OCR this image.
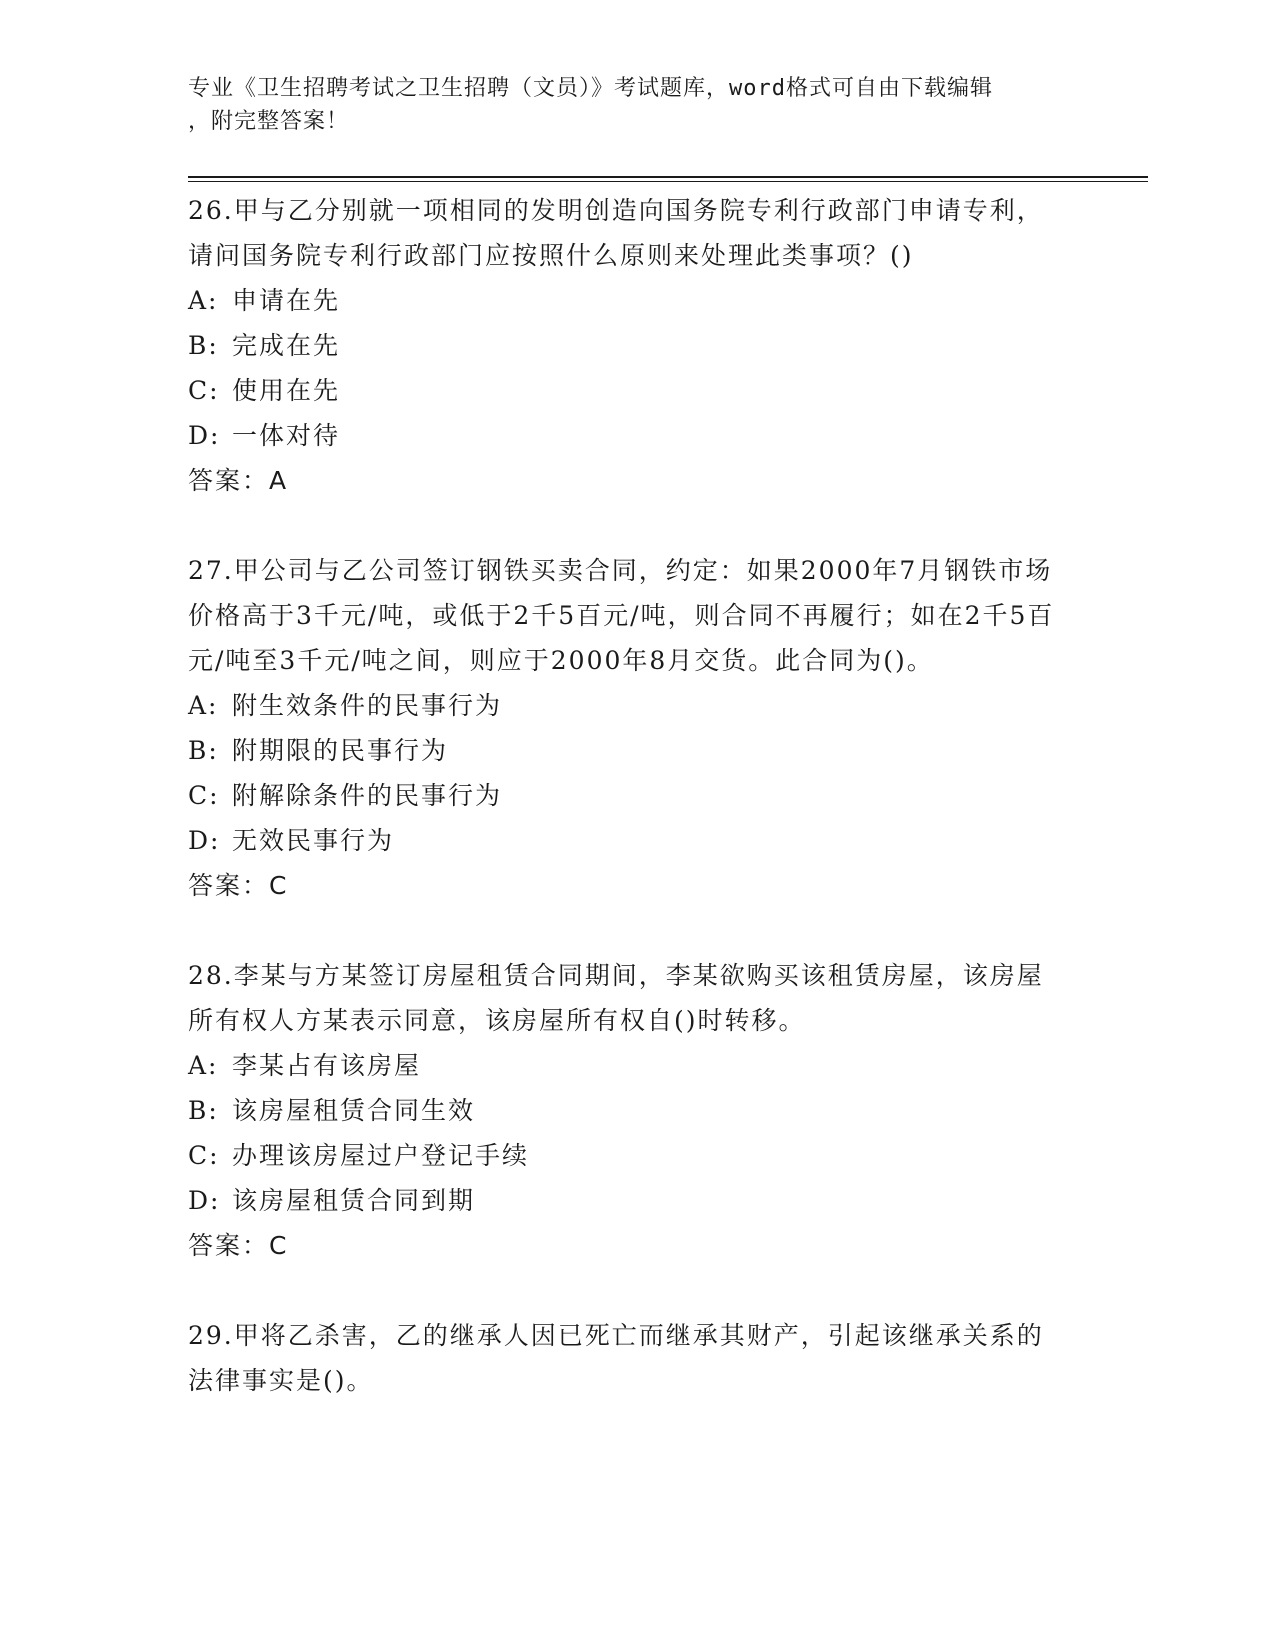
专业《卫生招聘考试之卫生招聘（文员）》考试题库，word格式可自由下载编辑
，附完整答案！

26.甲与乙分别就一项相同的发明创造向国务院专利行政部门申请专利，请问国务院专利行政部门应按照什么原则来处理此类事项？()

A: 申请在先

B: 完成在先

C: 使用在先

D: 一体对待

答案：A

27.甲公司与乙公司签订钢铁买卖合同，约定：如果2000年7月钢铁市场价格高于3千元/吨，或低于2千5百元/吨，则合同不再履行；如在2千5百元/吨至3千元/吨之间，则应于2000年8月交货。此合同为()。

A: 附生效条件的民事行为

B: 附期限的民事行为

C: 附解除条件的民事行为

D: 无效民事行为

答案：C

28.李某与方某签订房屋租赁合同期间，李某欲购买该租赁房屋，该房屋所有权人方某表示同意，该房屋所有权自()时转移。

A: 李某占有该房屋

B: 该房屋租赁合同生效

C: 办理该房屋过户登记手续

D: 该房屋租赁合同到期

答案：C

29.甲将乙杀害，乙的继承人因已死亡而继承其财产，引起该继承关系的法律事实是()。
